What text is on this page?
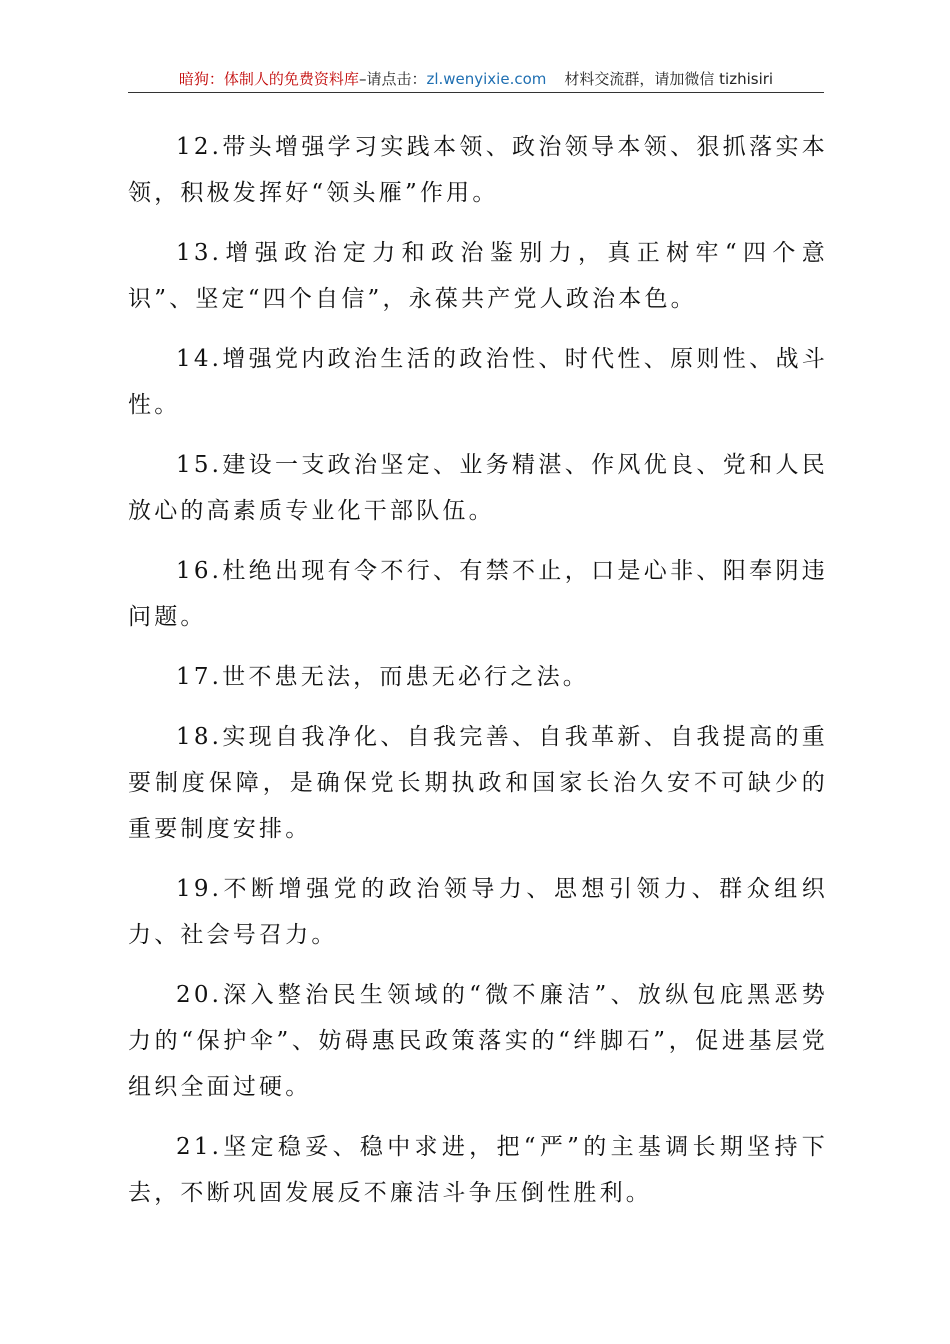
暗狗：体制人的免费资料库–请点击：zl.wenyixie.com 材料交流群，请加微信 tizhisiri

12.带头增强学习实践本领、政治领导本领、狠抓落实本领，积极发挥好“领头雁”作用。

13.增强政治定力和政治鉴别力，真正树牢“四个意识”、坚定“四个自信”，永葆共产党人政治本色。

14.增强党内政治生活的政治性、时代性、原则性、战斗性。

15.建设一支政治坚定、业务精湛、作风优良、党和人民放心的高素质专业化干部队伍。

16.杜绝出现有令不行、有禁不止，口是心非、阳奉阴违问题。

17.世不患无法，而患无必行之法。

18.实现自我净化、自我完善、自我革新、自我提高的重要制度保障，是确保党长期执政和国家长治久安不可缺少的重要制度安排。

19.不断增强党的政治领导力、思想引领力、群众组织力、社会号召力。

20.深入整治民生领域的“微不廉洁”、放纵包庇黑恶势力的“保护伞”、妨碍惠民政策落实的“绊脚石”，促进基层党组织全面过硬。

21.坚定稳妥、稳中求进，把“严”的主基调长期坚持下去，不断巩固发展反不廉洁斗争压倒性胜利。
